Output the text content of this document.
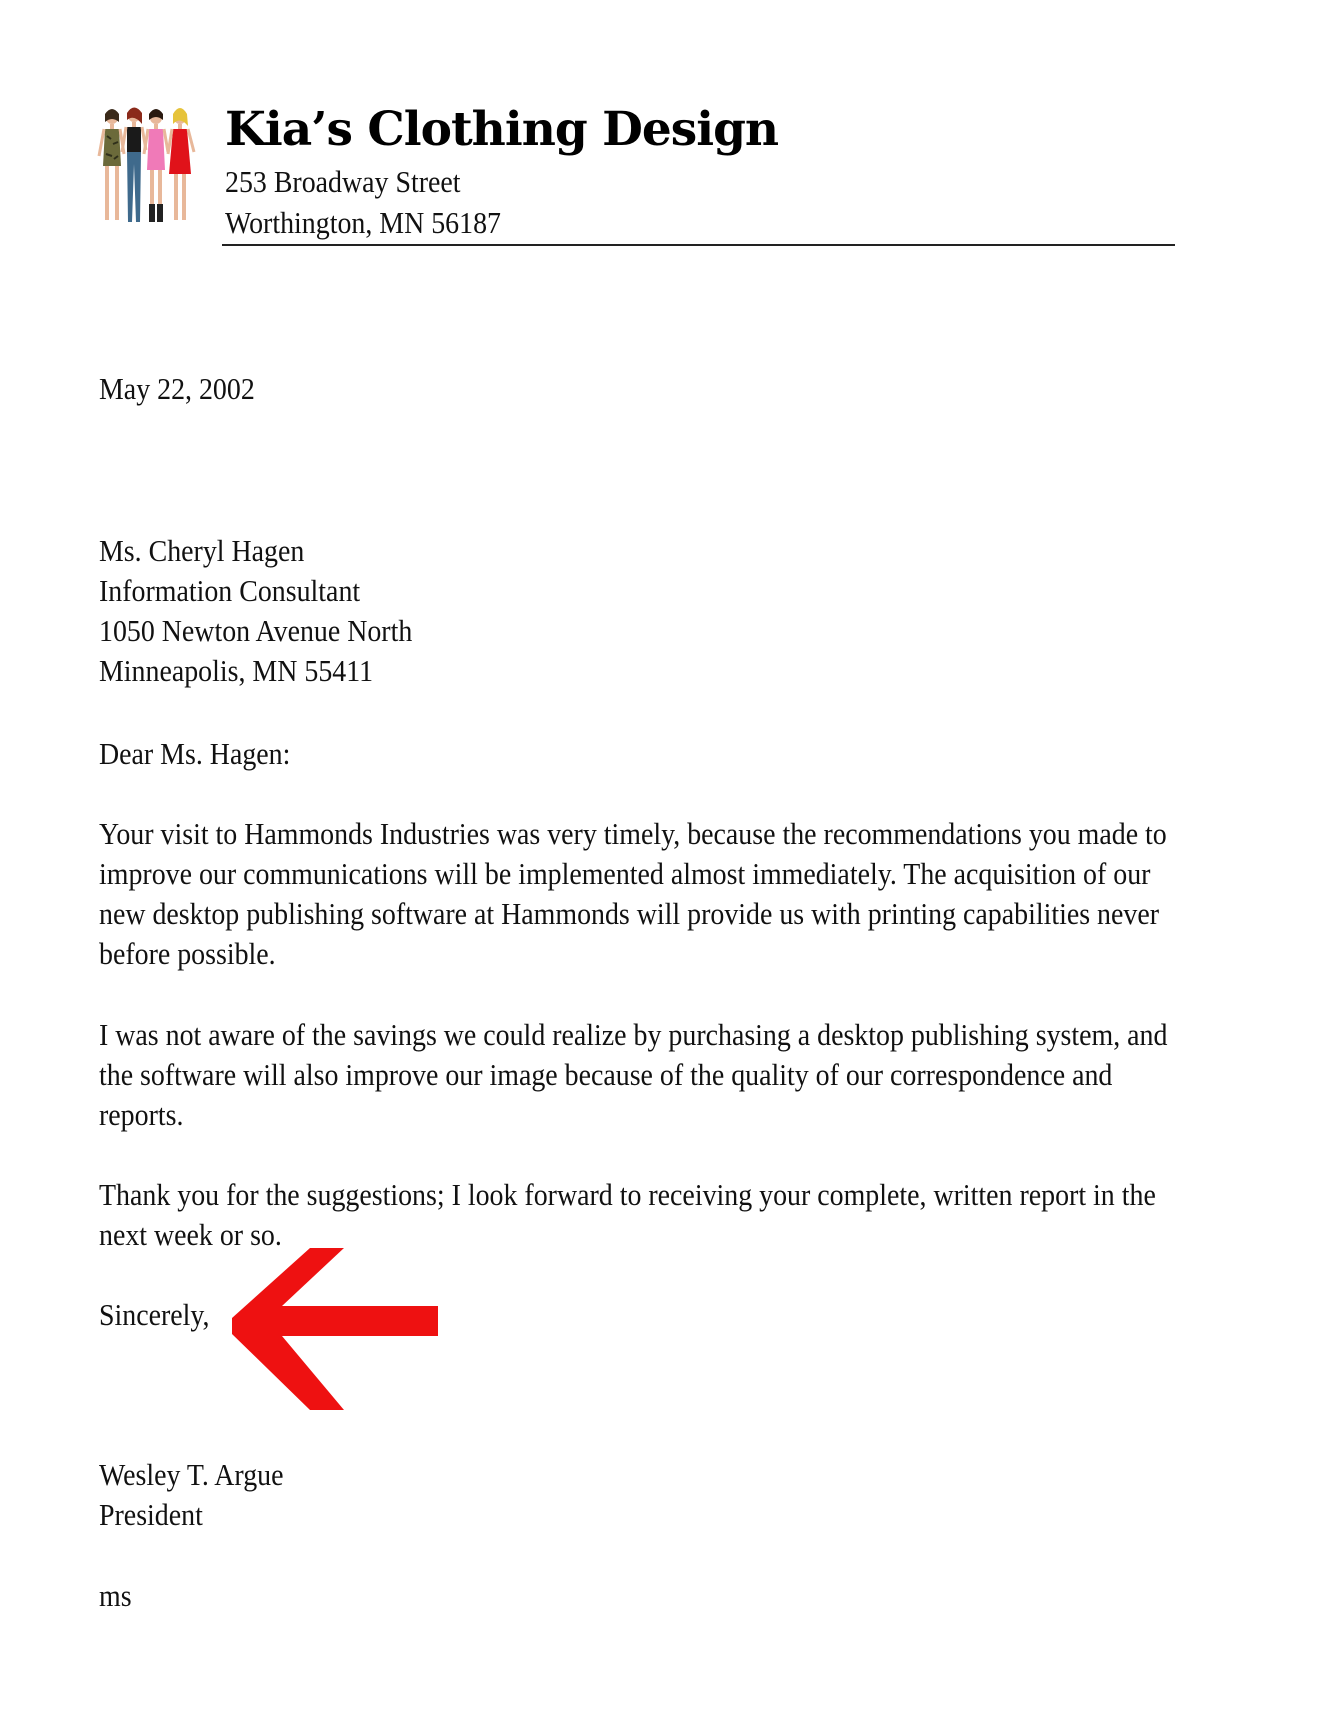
Kia’s Clothing Design
253 Broadway Street
Worthington, MN 56187

May 22, 2002

Ms. Cheryl Hagen

Information Consultant

1050 Newton Avenue North

Minneapolis, MN 55411

Dear Ms. Hagen:

Your visit to Hammonds Industries was very timely, because the recommendations you made to

improve our communications will be implemented almost immediately. The acquisition of our

new desktop publishing software at Hammonds will provide us with printing capabilities never

before possible.

I was not aware of the savings we could realize by purchasing a desktop publishing system, and

the software will also improve our image because of the quality of our correspondence and

reports.

Thank you for the suggestions; I look forward to receiving your complete, written report in the

next week or so.

Sincerely,

Wesley T. Argue

President

ms
